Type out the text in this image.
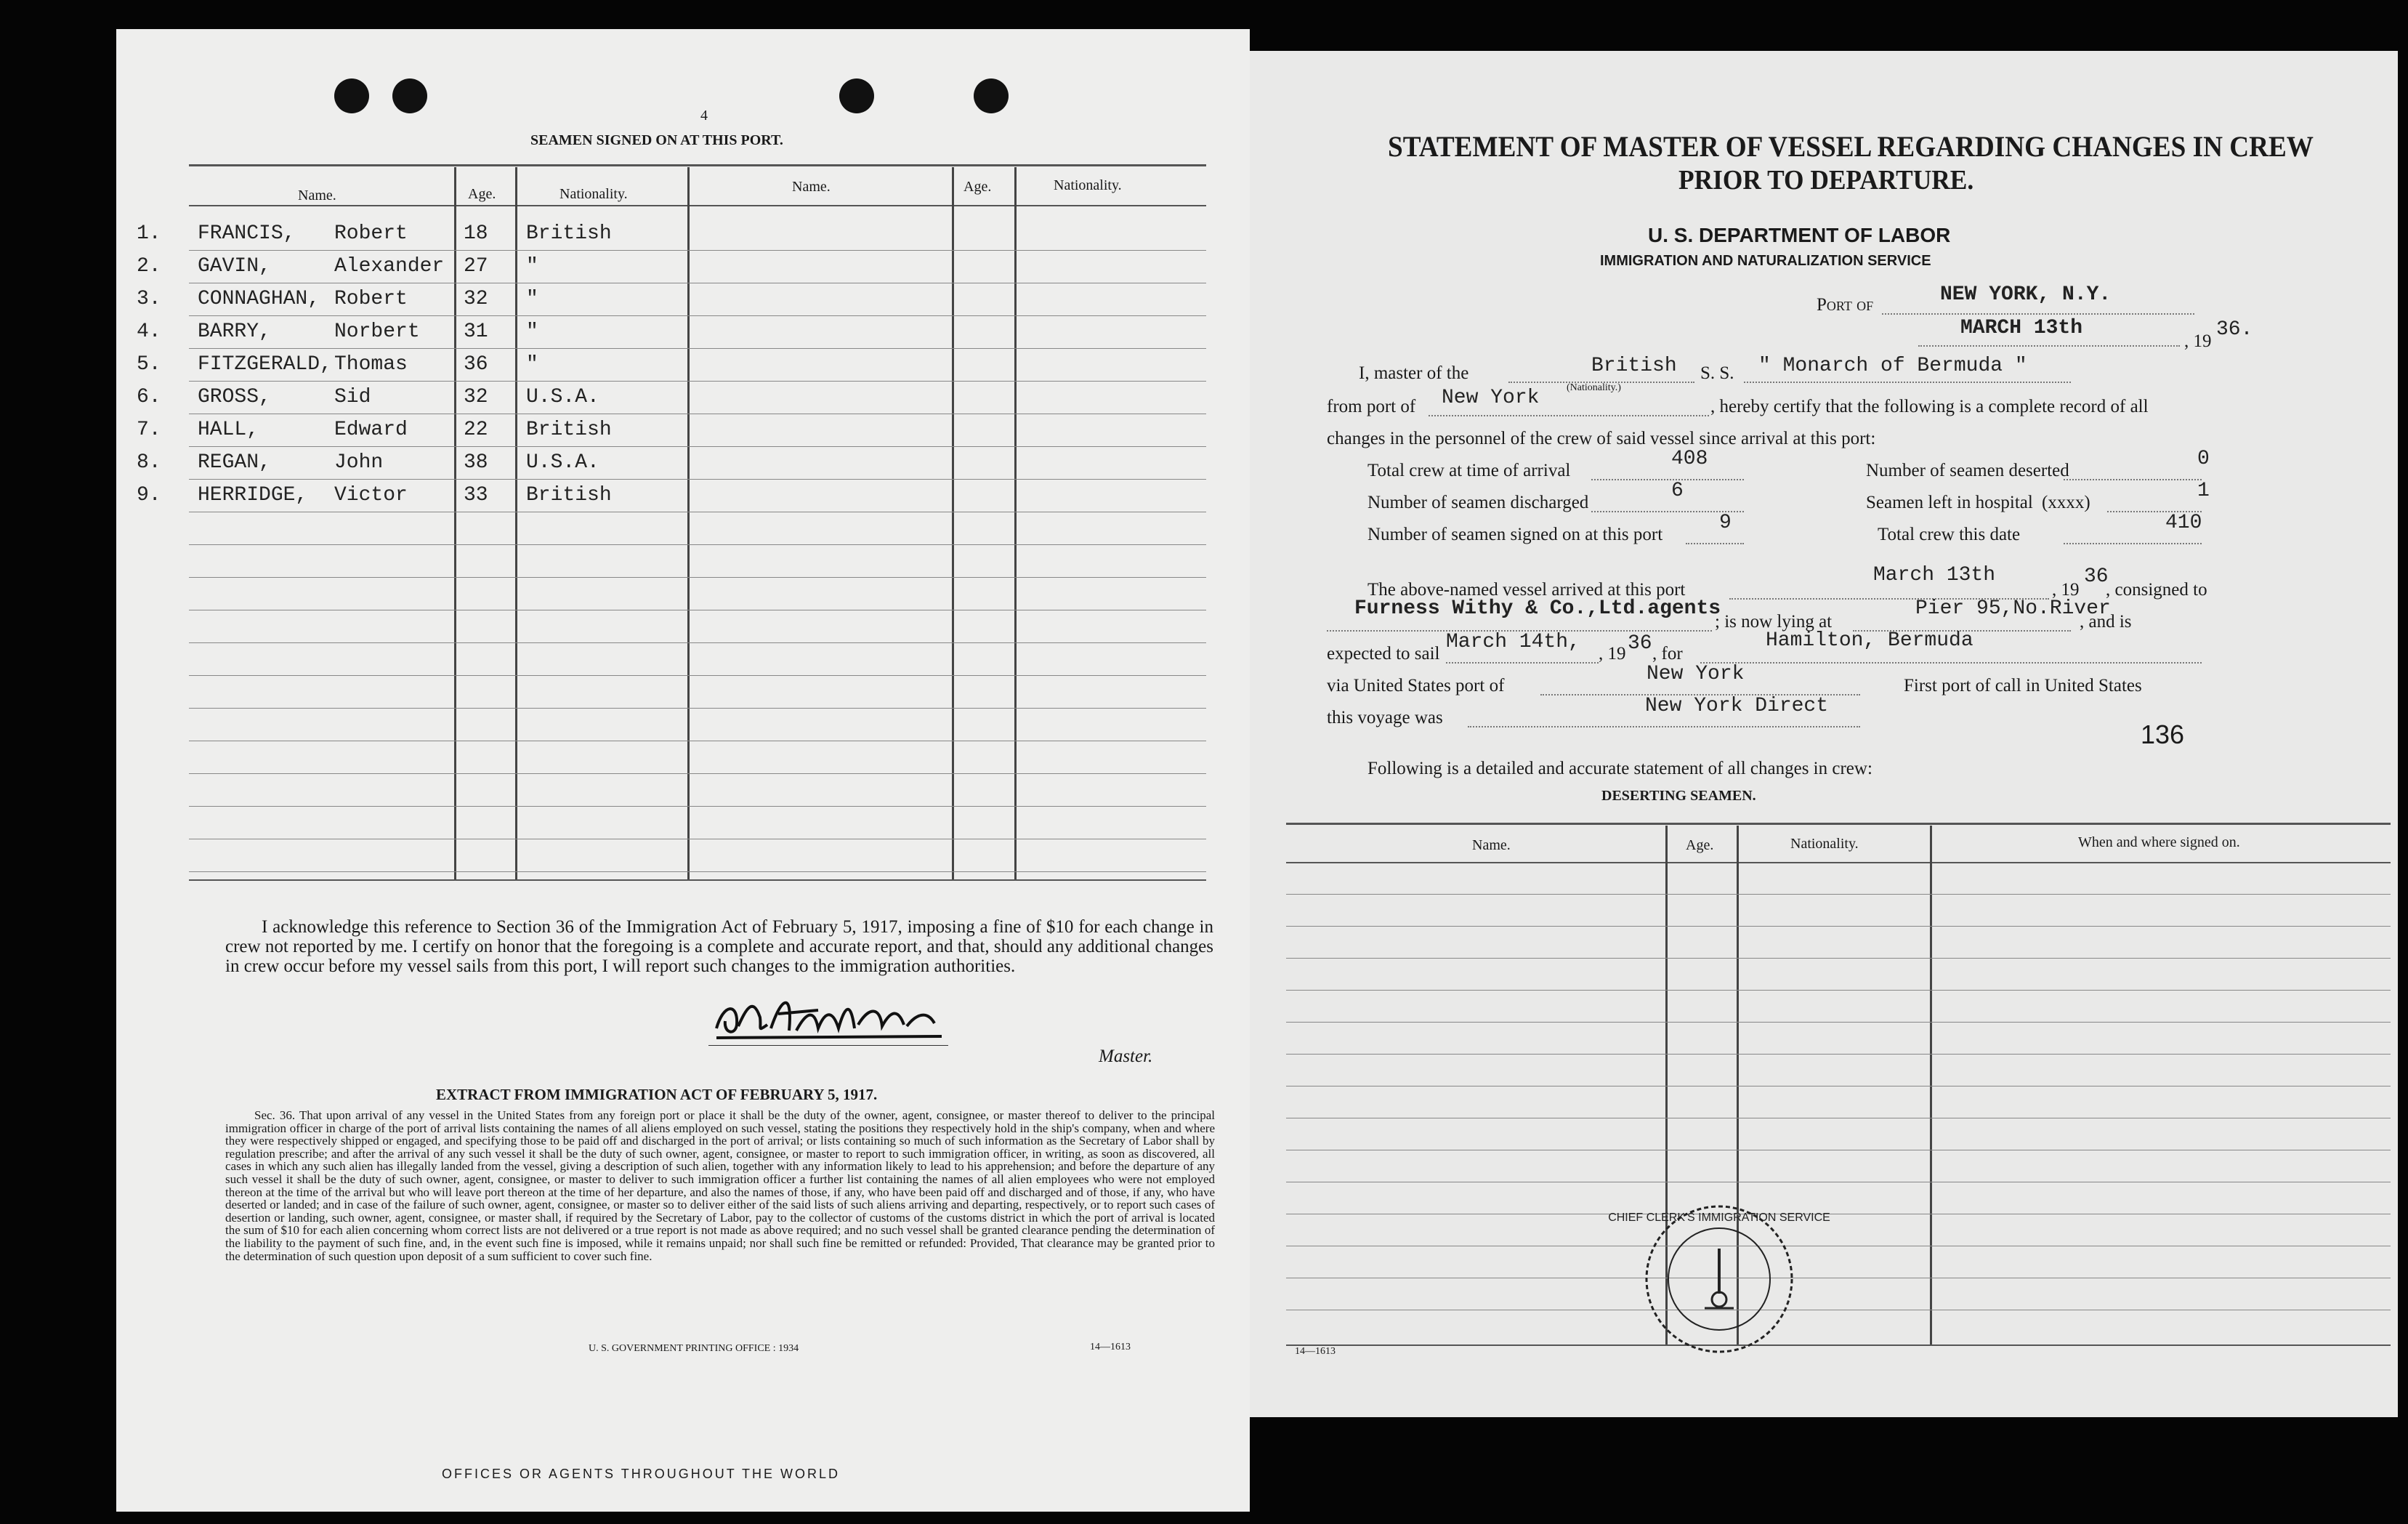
4
SEAMEN SIGNED ON AT THIS PORT.
Name.	Age.	Nationality.	Name.	Age.	Nationality.
1. FRANCIS, Robert	18 British
2. GAVIN,	Alexander 27 "
3. CONNAGHAN, Robert	32 "
4. BARRY,	Norbert 31 "
5. FITZGERALD, Thomas	36 "
6. GROSS,	Sid	32 U.S.A.
7. HALL,	Edward	22 British
8. REGAN,	John	38 U.S.A.
9. HERRIDGE, Victor	33 British
I acknowledge this reference to Section 36 of the Immigration Act of February 5, 1917, imposing a fine of $10 for each change in crew not reported by me. I certify on honor that the foregoing is a complete and accurate report, and that, should any additional changes in crew occur before my vessel sails from this port, I will report such changes to the immigration authorities.
Master.
EXTRACT FROM IMMIGRATION ACT OF FEBRUARY 5, 1917.
Sec. 36. That upon arrival of any vessel in the United States from any foreign port or place it shall be the duty of the owner, agent, consignee, or master thereof to deliver to the principal immigration officer in charge of the port of arrival lists containing the names of all aliens employed on such vessel, stating the positions they respectively hold in the ship's company, when and where they were respectively shipped or engaged, and specifying those to be paid off and discharged in the port of arrival; or lists containing so much of such information as the Secretary of Labor shall by regulation prescribe; and after the arrival of any such vessel it shall be the duty of such owner, agent, consignee, or master to report to such immigration officer, in writing, as soon as discovered, all cases in which any such alien has illegally landed from the vessel, giving a description of such alien, together with any information likely to lead to his apprehension; and before the departure of any such vessel it shall be the duty of such owner, agent, consignee, or master to deliver to such immigration officer a further list containing the names of all alien employees who were not employed thereon at the time of the arrival but who will leave port thereon at the time of her departure, and also the names of those, if any, who have been paid off and discharged and of those, if any, who have deserted or landed; and in case of the failure of such owner, agent, consignee, or master so to deliver either of the said lists of such aliens arriving and departing, respectively, or to report such cases of desertion or landing, such owner, agent, consignee, or master shall, if required by the Secretary of Labor, pay to the collector of customs of the customs district in which the port of arrival is located the sum of $10 for each alien concerning whom correct lists are not delivered or a true report is not made as above required; and no such vessel shall be granted clearance pending the determination of the liability to the payment of such fine, and, in the event such fine is imposed, while it remains unpaid; nor shall such fine be remitted or refunded: Provided, That clearance may be granted prior to the determination of such question upon deposit of a sum sufficient to cover such fine.
U. S. GOVERNMENT PRINTING OFFICE : 1934	14—1613
OFFICES OR AGENTS THROUGHOUT THE WORLD
STATEMENT OF MASTER OF VESSEL REGARDING CHANGES IN CREW
PRIOR TO DEPARTURE.
U. S. DEPARTMENT OF LABOR
IMMIGRATION AND NATURALIZATION SERVICE
Port of	NEW YORK, N.Y.
MARCH 13th
, 19
36.
I, master of the	British
(Nationality.)
S. S. " Monarch of Bermuda "
from port of New York	, hereby certify that the following is a complete record of all
changes in the personnel of the crew of said vessel since arrival at this port:
Total crew at time of arrival
408
Number of seamen deserted
0
Number of seamen discharged
6
Seamen left in hospital (xxxx)
1
Number of seamen signed on at this port
9
Total crew this date
410
The above-named vessel arrived at this port
March 13th
, 19
36
, consigned to
Furness Withy & Co.,Ltd.agents
; is now lying at
Pier 95,No.River
, and is
expected to sail
March 14th,
, 19 36 , for
Hamilton, Bermuda
via United States port of
New York
First port of call in United States
this voyage was
New York Direct
136
Following is a detailed and accurate statement of all changes in crew:
DESERTING SEAMEN.
Name.	Age.	Nationality.	When and where signed on.
14—1613
CHIEF CLERK'S IMMIGRATION SERVICE
